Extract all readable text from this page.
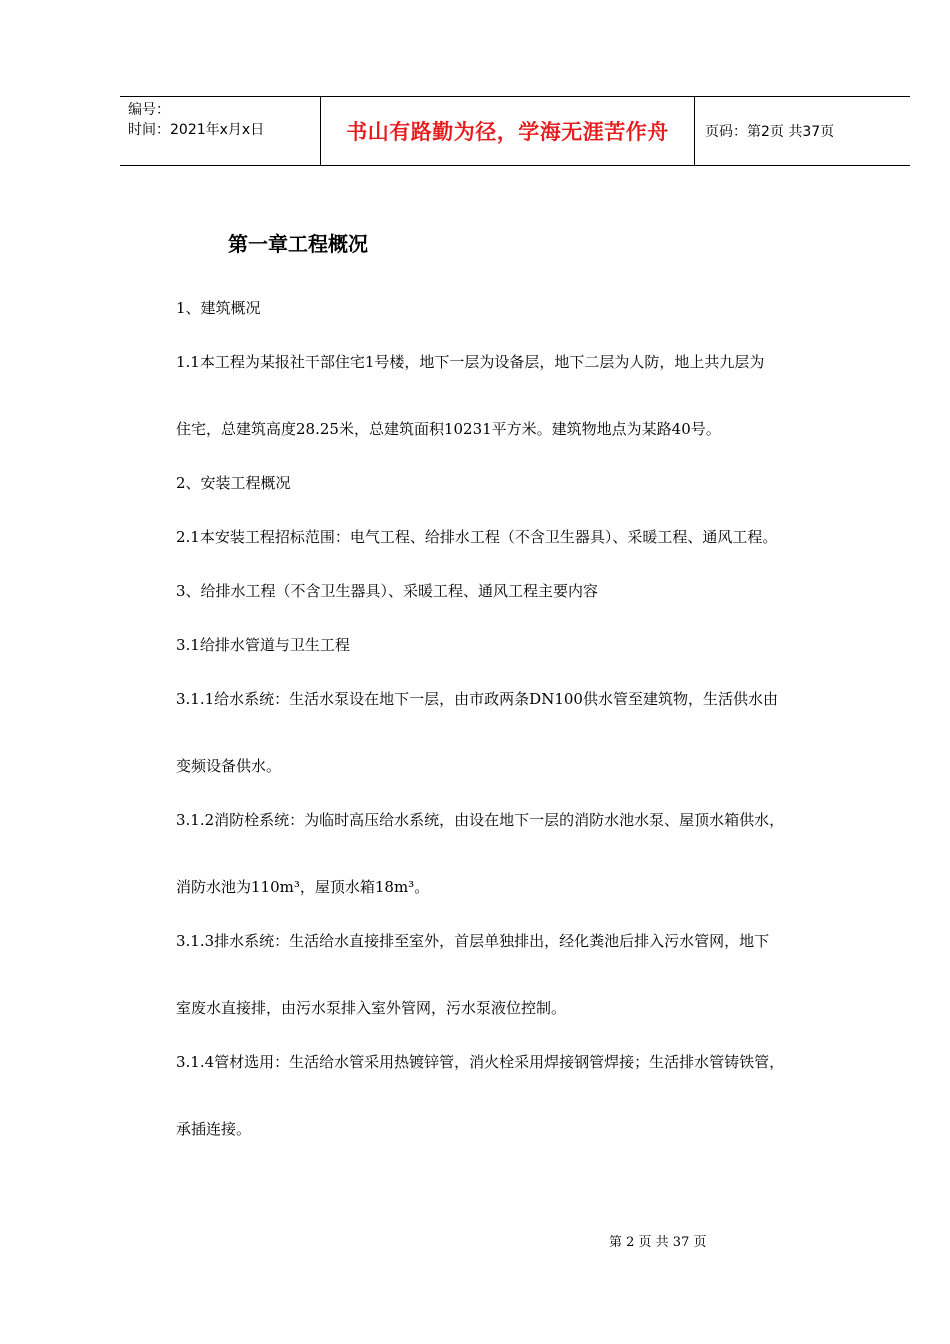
编号：
时间：2021年x月x日	书山有路勤为径，学海无涯苦作舟	页码：第2页 共37页
第一章工程概况
1、建筑概况
1.1本工程为某报社干部住宅1号楼，地下一层为设备层，地下二层为人防，地上共九层为
住宅，总建筑高度28.25米，总建筑面积10231平方米。建筑物地点为某路40号。
2、安装工程概况
2.1本安装工程招标范围：电气工程、给排水工程（不含卫生器具）、采暖工程、通风工程。
3、给排水工程（不含卫生器具）、采暖工程、通风工程主要内容
3.1给排水管道与卫生工程
3.1.1给水系统：生活水泵设在地下一层，由市政两条DN100供水管至建筑物，生活供水由
变频设备供水。
3.1.2消防栓系统：为临时高压给水系统，由设在地下一层的消防水池水泵、屋顶水箱供水，
消防水池为110m³，屋顶水箱18m³。
3.1.3排水系统：生活给水直接排至室外，首层单独排出，经化粪池后排入污水管网，地下
室废水直接排，由污水泵排入室外管网，污水泵液位控制。
3.1.4管材选用：生活给水管采用热镀锌管，消火栓采用焊接钢管焊接；生活排水管铸铁管，
承插连接。
第 2 页 共 37 页
